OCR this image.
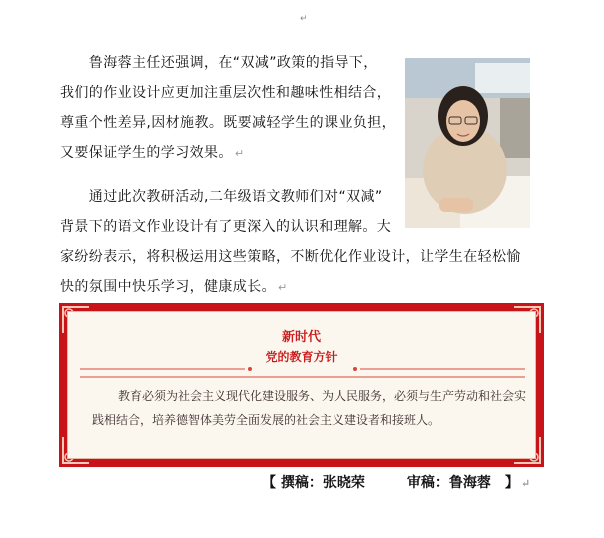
↵

　　鲁海蓉主任还强调，在“双减”政策的指导下，
我们的作业设计应更加注重层次性和趣味性相结合，
尊重个性差异,因材施教。既要减轻学生的课业负担，
又要保证学生的学习效果。 ↵

　　通过此次教研活动,二年级语文教师们对“双减”
背景下的语文作业设计有了更深入的认识和理解。大
家纷纷表示，将积极运用这些策略，不断优化作业设计，让学生在轻松愉
快的氛围中快乐学习，健康成长。 ↵

新时代
党的教育方针

教育必须为社会主义现代化建设服务、为人民服务，必须与生产劳动和社会实
践相结合，培养德智体美劳全面发展的社会主义建设者和接班人。

【 撰稿：张晓荣　　　审稿：鲁海蓉　】 ↵
